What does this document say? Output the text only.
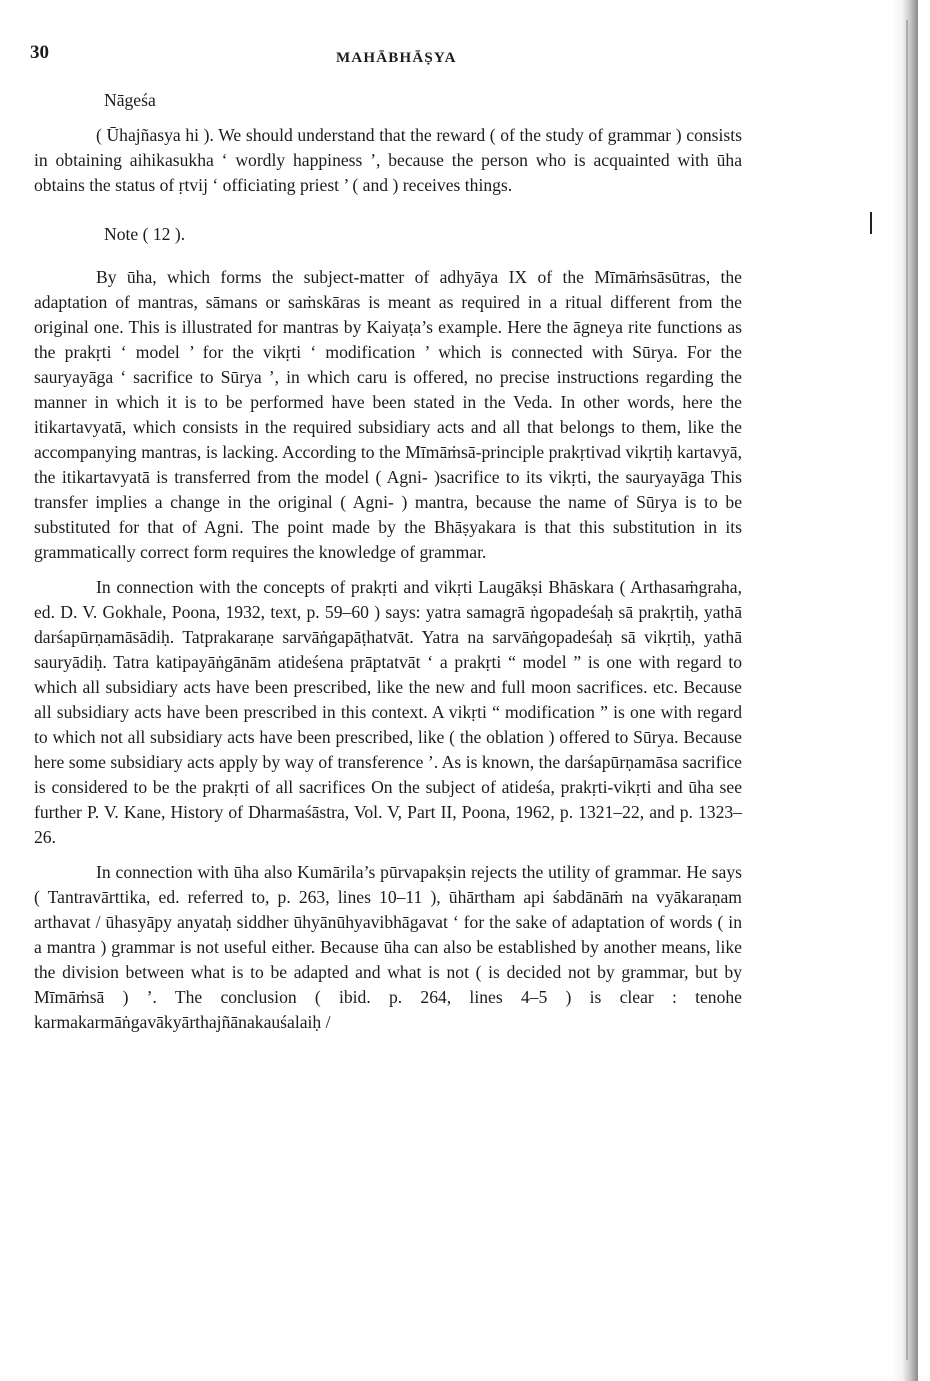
30	MAHĀBHĀṢYA

Nāgeśa

( Ūhajñasya hi ). We should understand that the reward ( of the study of grammar ) consists in obtaining aihikasukha ‘ wordly happiness ’, because the person who is acquainted with ūha obtains the status of ṛtvij ‘ officiating priest ’ ( and ) receives things.

Note ( 12 ).

By ūha, which forms the subject-matter of adhyāya IX of the Mīmāṁsāsūtras, the adaptation of mantras, sāmans or saṁskāras is meant as required in a ritual different from the original one. This is illustrated for mantras by Kaiyaṭa’s example. Here the āgneya rite functions as the prakṛti ‘ model ’ for the vikṛti ‘ modification ’ which is connected with Sūrya. For the sauryayāga ‘ sacrifice to Sūrya ’, in which caru is offered, no precise instructions regarding the manner in which it is to be performed have been stated in the Veda. In other words, here the itikartavyatā, which consists in the required subsidiary acts and all that belongs to them, like the accompanying mantras, is lacking. According to the Mīmāṁsā-principle prakṛtivad vikṛtiḥ kartavyā, the itikartavyatā is transferred from the model ( Agni- )sacrifice to its vikṛti, the sauryayāga This transfer implies a change in the original ( Agni- ) mantra, because the name of Sūrya is to be substituted for that of Agni. The point made by the Bhāṣyakara is that this substitution in its grammatically correct form requires the knowledge of grammar.

In connection with the concepts of prakṛti and vikṛti Laugākṣi Bhāskara ( Arthasaṁgraha, ed. D. V. Gokhale, Poona, 1932, text, p. 59–60 ) says: yatra samagrā ṅgopadeśaḥ sā prakṛtiḥ, yathā darśapūrṇamāsādiḥ. Tatprakaraṇe sarvāṅgapāṭhatvāt. Yatra na sarvāṅgopadeśaḥ sā vikṛtiḥ, yathā sauryādiḥ. Tatra katipayāṅgānām atideśena prāptatvāt ‘ a prakṛti “ model ” is one with regard to which all subsidiary acts have been prescribed, like the new and full moon sacrifices. etc. Because all subsidiary acts have been prescribed in this context. A vikṛti “ modification ” is one with regard to which not all subsidiary acts have been prescribed, like ( the oblation ) offered to Sūrya. Because here some subsidiary acts apply by way of transference ’. As is known, the darśapūrṇamāsa sacrifice is considered to be the prakṛti of all sacrifices On the subject of atideśa, prakṛti-vikṛti and ūha see further P. V. Kane, History of Dharmaśāstra, Vol. V, Part II, Poona, 1962, p. 1321–22, and p. 1323–26.

In connection with ūha also Kumārila’s pūrvapakṣin rejects the utility of grammar. He says ( Tantravārttika, ed. referred to, p. 263, lines 10–11 ), ūhārtham api śabdānāṁ na vyākaraṇam arthavat / ūhasyāpy anyataḥ siddher ūhyānūhyavibhāgavat ‘ for the sake of adaptation of words ( in a mantra ) grammar is not useful either. Because ūha can also be established by another means, like the division between what is to be adapted and what is not ( is decided not by grammar, but by Mīmāṁsā ) ’. The conclusion ( ibid. p. 264, lines 4–5 ) is clear : tenohe karmakarmāṅgavākyārthajñānakauśalaiḥ /
